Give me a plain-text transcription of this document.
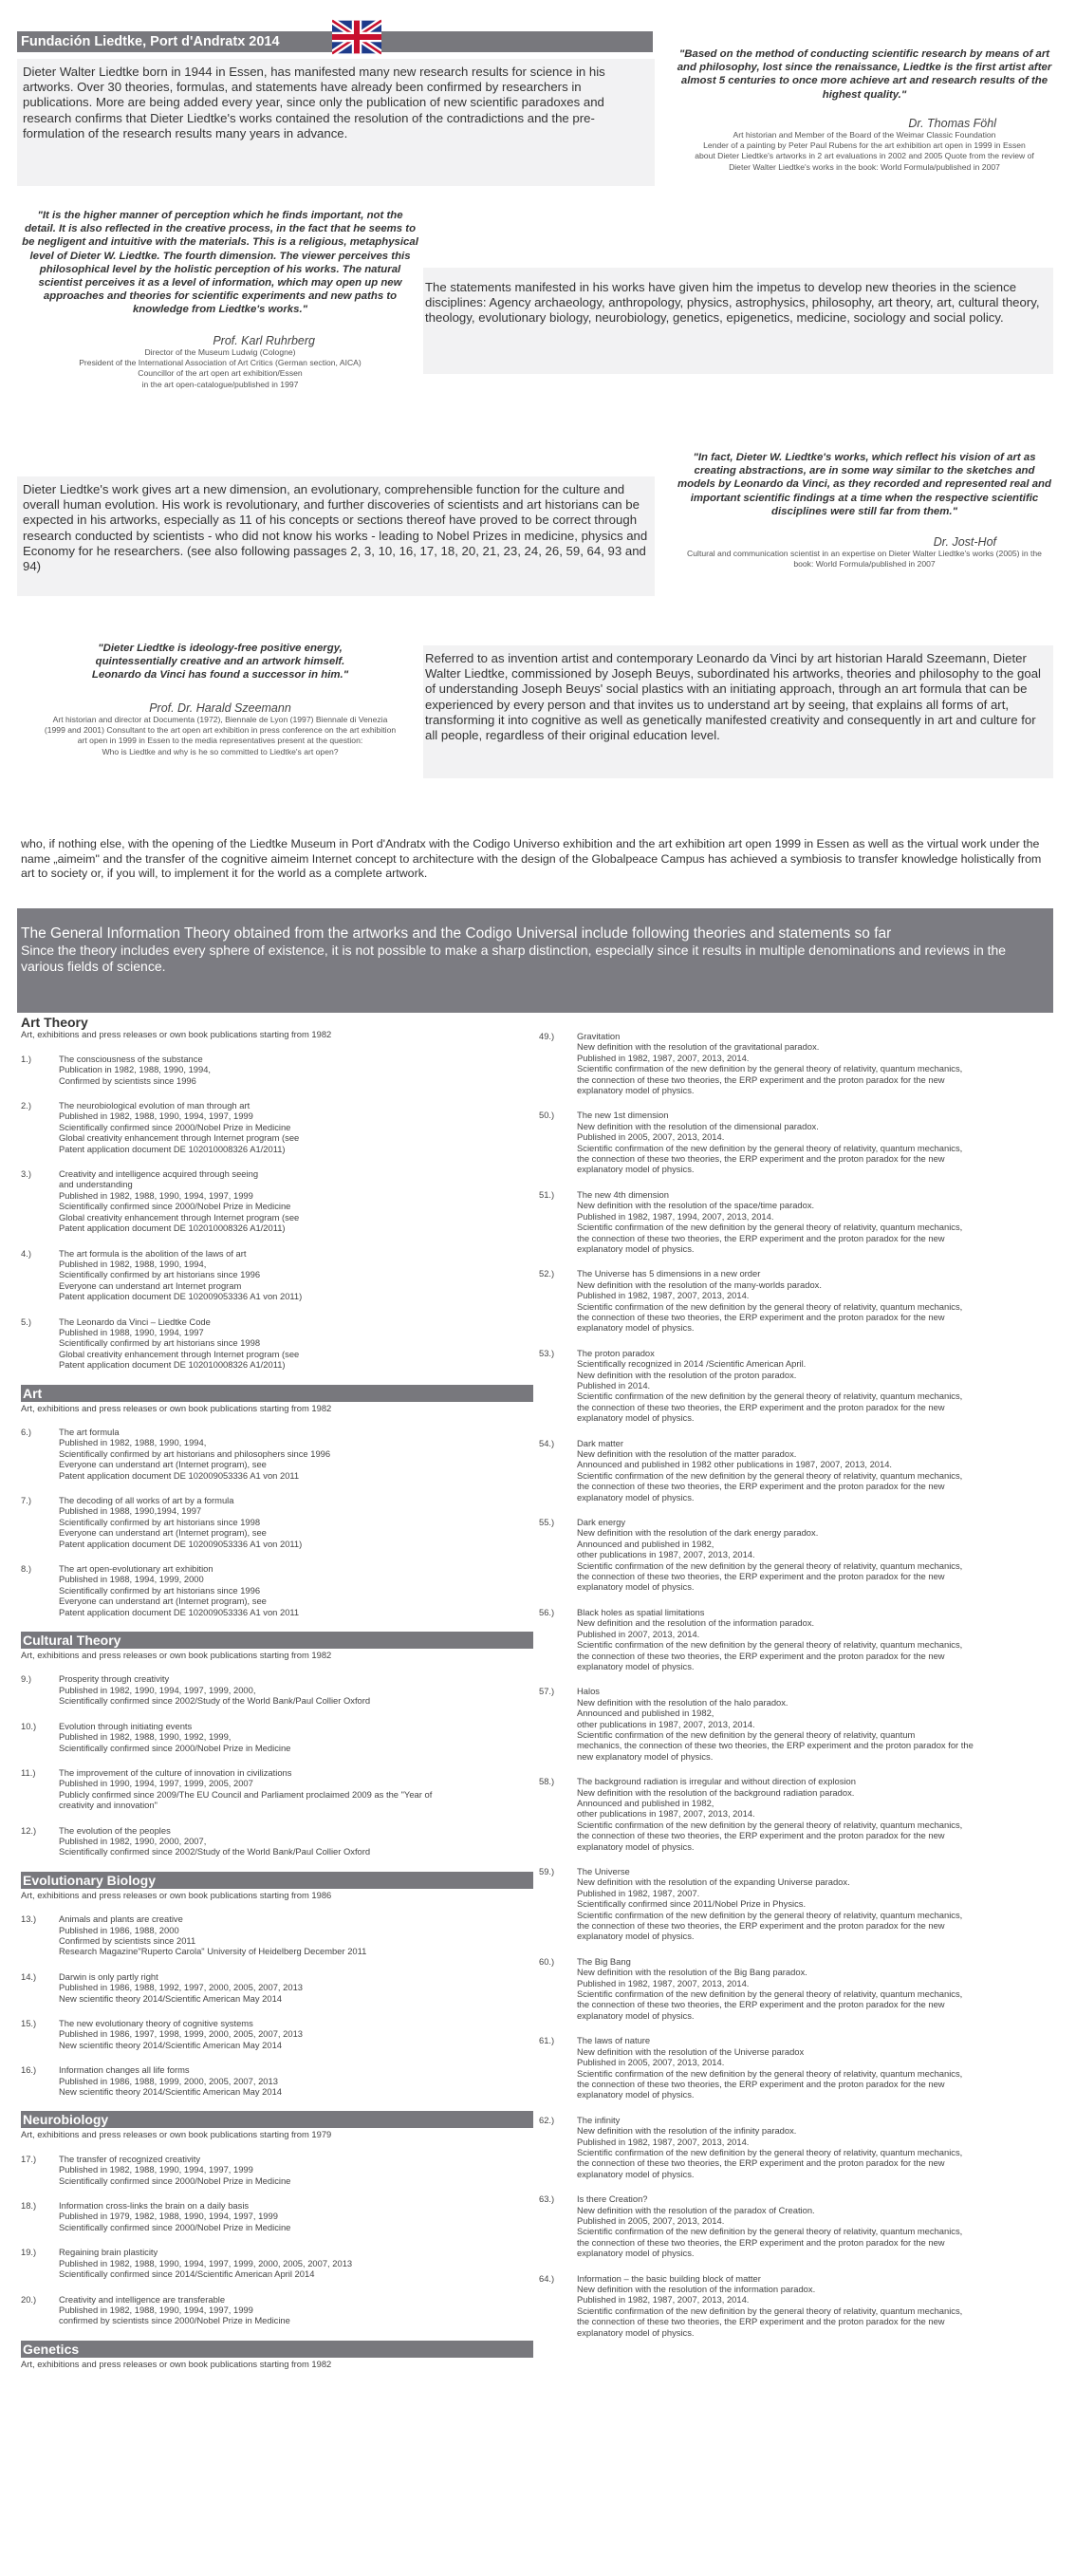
Fundación Liedtke, Port d'Andratx 2014

Dieter Walter Liedtke born in 1944 in Essen, has manifested many new research results for science in his artworks. Over 30 theories, formulas, and statements have already been confirmed by researchers in publications. More are being added every year, since only the publication of new scientific paradoxes and research confirms that Dieter Liedtke's works contained the resolution of the contradictions and the pre-formulation of the research results many years in advance.

"Based on the method of conducting scientific research by means of art and philosophy, lost since the renaissance, Liedtke is the first artist after almost 5 centuries to once more achieve art and research results of the highest quality."

Dr. Thomas Föhl

Art historian and Member of the Board of the Weimar Classic Foundation

Lender of a painting by Peter Paul Rubens for the art exhibition art open in 1999 in Essen

about Dieter Liedtke's artworks in 2 art evaluations in 2002 and 2005 Quote from the review of

Dieter Walter Liedtke's works in the book: World Formula/published in 2007

"It is the higher manner of perception which he finds important, not the detail. It is also reflected in the creative process, in the fact that he seems to be negligent and intuitive with the materials. This is a religious, metaphysical level of Dieter W. Liedtke. The fourth dimension. The viewer perceives this philosophical level by the holistic perception of his works. The natural scientist perceives it as a level of information, which may open up new approaches and theories for scientific experiments and new paths to knowledge from Liedtke's works."

Prof. Karl Ruhrberg

Director of the Museum Ludwig (Cologne)

President of the International Association of Art Critics (German section, AICA)

Councillor of the art open art exhibition/Essen

in the art open-catalogue/published in 1997

The statements manifested in his works have given him the impetus to develop new theories in the science disciplines: Agency archaeology, anthropology, physics, astrophysics, philosophy, art theory, art, cultural theory, theology, evolutionary biology, neurobiology, genetics, epigenetics, medicine, sociology and social policy.

Dieter Liedtke's work gives art a new dimension, an evolutionary, comprehensible function for the culture and overall human evolution. His work is revolutionary, and further discoveries of scientists and art historians can be expected in his artworks, especially as 11 of his concepts or sections thereof have proved to be correct through research conducted by scientists - who did not know his works - leading to Nobel Prizes in medicine, physics and Economy for he researchers. (see also following passages 2, 3, 10, 16, 17, 18, 20, 21, 23, 24, 26, 59, 64, 93 and 94)

"In fact, Dieter W. Liedtke's works, which reflect his vision of art as creating abstractions, are in some way similar to the sketches and models by Leonardo da Vinci, as they recorded and represented real and important scientific findings at a time when the respective scientific disciplines were still far from them."

Dr. Jost-Hof

Cultural and communication scientist in an expertise on Dieter Walter Liedtke's works (2005) in the

book: World Formula/published in 2007

"Dieter Liedtke is ideology-free positive energy, quintessentially creative and an artwork himself. Leonardo da Vinci has found a successor in him."

Prof. Dr. Harald Szeemann

Art historian and director at Documenta (1972), Biennale de Lyon (1997) Biennale di Venezia

(1999 and 2001) Consultant to the art open art exhibition in press conference on the art exhibition

art open in 1999 in Essen to the media representatives present at the question:

Who is Liedtke and why is he so committed to Liedtke's art open?

Referred to as invention artist and contemporary Leonardo da Vinci by art historian Harald Szeemann, Dieter Walter Liedtke, commissioned by Joseph Beuys, subordinated his artworks, theories and philosophy to the goal of understanding Joseph Beuys' social plastics with an initiating approach, through an art formula that can be experienced by every person and that invites us to understand art by seeing, that explains all forms of art, transforming it into cognitive as well as genetically manifested creativity and consequently in art and culture for all people, regardless of their original education level.

who, if nothing else, with the opening of the Liedtke Museum in Port d'Andratx with the Codigo Universo exhibition and the art exhibition art open 1999 in Essen as well as the virtual work under the name „aimeim" and the transfer of the cognitive aimeim Internet concept to architecture with the design of the Globalpeace Campus has achieved a symbiosis to transfer knowledge holistically from art to society or, if you will, to implement it for the world as a complete artwork.

The General Information Theory obtained from the artworks and the Codigo Universal include following theories and statements so far

Since the theory includes every sphere of existence, it is not possible to make a sharp distinction, especially since it results in multiple denominations and reviews in the various fields of science.

Art Theory
Art, exhibitions and press releases or own book publications starting from 1982
1.)	The consciousness of the substance
Publication in 1982, 1988, 1990, 1994,
Confirmed by scientists since 1996
2.)	The neurobiological evolution of man through art
Published in 1982, 1988, 1990, 1994, 1997, 1999
Scientifically confirmed since 2000/Nobel Prize in Medicine
Global creativity enhancement through Internet program (see
Patent application document DE 102010008326 A1/2011)
3.)	Creativity and intelligence acquired through seeing
and understanding
Published in 1982, 1988, 1990, 1994, 1997, 1999
Scientifically confirmed since 2000/Nobel Prize in Medicine
Global creativity enhancement through Internet program (see
Patent application document DE 102010008326 A1/2011)
4.)	The art formula is the abolition of the laws of art
Published in 1982, 1988, 1990, 1994,
Scientifically confirmed by art historians since 1996
Everyone can understand art Internet program
Patent application document DE 102009053336 A1 von 2011)
5.)	The Leonardo da Vinci – Liedtke Code
Published in 1988, 1990, 1994, 1997
Scientifically confirmed by art historians since 1998
Global creativity enhancement through Internet program (see
Patent application document DE 102010008326 A1/2011)
Art
Art, exhibitions and press releases or own book publications starting from 1982
6.)	The art formula
Published in 1982, 1988, 1990, 1994,
Scientifically confirmed by art historians and philosophers since 1996
Everyone can understand art (Internet program), see
Patent application document DE 102009053336 A1 von 2011
7.)	The decoding of all works of art by a formula
Published in 1988, 1990,1994, 1997
Scientifically confirmed by art historians since 1998
Everyone can understand art (Internet program), see
Patent application document DE 102009053336 A1 von 2011)
8.)	The art open-evolutionary art exhibition
Published in 1988, 1994, 1999, 2000
Scientifically confirmed by art historians since 1996
Everyone can understand art (Internet program), see
Patent application document DE 102009053336 A1 von 2011
Cultural Theory
Art, exhibitions and press releases or own book publications starting from 1982
9.)	Prosperity through creativity
Published in 1982, 1990, 1994, 1997, 1999, 2000,
Scientifically confirmed since 2002/Study of the World Bank/Paul Collier Oxford
10.)	Evolution through initiating events
Published in 1982, 1988, 1990, 1992, 1999,
Scientifically confirmed since 2000/Nobel Prize in Medicine
11.)	The improvement of the culture of innovation in civilizations
Published in 1990, 1994, 1997, 1999, 2005, 2007
Publicly confirmed since 2009/The EU Council and Parliament proclaimed 2009 as the "Year of
creativity and innovation"
12.)	The evolution of the peoples
Published in 1982, 1990, 2000, 2007,
Scientifically confirmed since 2002/Study of the World Bank/Paul Collier Oxford
Evolutionary Biology
Art, exhibitions and press releases or own book publications starting from 1986
13.)	Animals and plants are creative
Published in 1986, 1988, 2000
Confirmed by scientists since 2011
Research Magazine"Ruperto Carola" University of Heidelberg December 2011
14.)	Darwin is only partly right
Published in 1986, 1988, 1992, 1997, 2000, 2005, 2007, 2013
New scientific theory 2014/Scientific American May 2014
15.)	The new evolutionary theory of cognitive systems
Published in 1986, 1997, 1998, 1999, 2000, 2005, 2007, 2013
New scientific theory 2014/Scientific American May 2014
16.)	Information changes all life forms
Published in 1986, 1988, 1999, 2000, 2005, 2007, 2013
New scientific theory 2014/Scientific American May 2014
Neurobiology
Art, exhibitions and press releases or own book publications starting from 1979
17.)	The transfer of recognized creativity
Published in 1982, 1988, 1990, 1994, 1997, 1999
Scientifically confirmed since 2000/Nobel Prize in Medicine
18.)	Information cross-links the brain on a daily basis
Published in 1979, 1982, 1988, 1990, 1994, 1997, 1999
Scientifically confirmed since 2000/Nobel Prize in Medicine
19.)	Regaining brain plasticity
Published in 1982, 1988, 1990, 1994, 1997, 1999, 2000, 2005, 2007, 2013
Scientifically confirmed since 2014/Scientific American April 2014
20.)	Creativity and intelligence are transferable
Published in 1982, 1988, 1990, 1994, 1997, 1999
confirmed by scientists since 2000/Nobel Prize in Medicine
Genetics
Art, exhibitions and press releases or own book publications starting from 1982
49.)	Gravitation
New definition with the resolution of the gravitational paradox.
Published in 1982, 1987, 2007, 2013, 2014.
Scientific confirmation of the new definition by the general theory of relativity, quantum mechanics,
the connection of these two theories, the ERP experiment and the proton paradox for the new
explanatory model of physics.
50.)	The new 1st dimension
New definition with the resolution of the dimensional paradox.
Published in 2005, 2007, 2013, 2014.
Scientific confirmation of the new definition by the general theory of relativity, quantum mechanics,
the connection of these two theories, the ERP experiment and the proton paradox for the new
explanatory model of physics.
51.)	The new 4th dimension
New definition with the resolution of the space/time paradox.
Published in 1982, 1987, 1994, 2007, 2013, 2014.
Scientific confirmation of the new definition by the general theory of relativity, quantum mechanics,
the connection of these two theories, the ERP experiment and the proton paradox for the new
explanatory model of physics.
52.)	The Universe has 5 dimensions in a new order
New definition with the resolution of the many-worlds paradox.
Published in 1982, 1987, 2007, 2013, 2014.
Scientific confirmation of the new definition by the general theory of relativity, quantum mechanics,
the connection of these two theories, the ERP experiment and the proton paradox for the new
explanatory model of physics.
53.)	The proton paradox
Scientifically recognized in 2014 /Scientific American April.
New definition with the resolution of the proton paradox.
Published in 2014.
Scientific confirmation of the new definition by the general theory of relativity, quantum mechanics,
the connection of these two theories, the ERP experiment and the proton paradox for the new
explanatory model of physics.
54.)	Dark matter
New definition with the resolution of the matter paradox.
Announced and published in 1982 other publications in 1987, 2007, 2013, 2014.
Scientific confirmation of the new definition by the general theory of relativity, quantum mechanics,
the connection of these two theories, the ERP experiment and the proton paradox for the new
explanatory model of physics.
55.)	Dark energy
New definition with the resolution of the dark energy paradox.
Announced and published in 1982,
other publications in 1987, 2007, 2013, 2014.
Scientific confirmation of the new definition by the general theory of relativity, quantum mechanics,
the connection of these two theories, the ERP experiment and the proton paradox for the new
explanatory model of physics.
56.)	Black holes as spatial limitations
New definition and the resolution of the information paradox.
Published in 2007, 2013, 2014.
Scientific confirmation of the new definition by the general theory of relativity, quantum mechanics,
the connection of these two theories, the ERP experiment and the proton paradox for the new
explanatory model of physics.
57.)	Halos
New definition with the resolution of the halo paradox.
Announced and published in 1982,
other publications in 1987, 2007, 2013, 2014.
Scientific confirmation of the new definition by the general theory of relativity, quantum
mechanics, the connection of these two theories, the ERP experiment and the proton paradox for the
new explanatory model of physics.
58.)	The background radiation is irregular and without direction of explosion
New definition with the resolution of the background radiation paradox.
Announced and published in 1982,
other publications in 1987, 2007, 2013, 2014.
Scientific confirmation of the new definition by the general theory of relativity, quantum mechanics,
the connection of these two theories, the ERP experiment and the proton paradox for the new
explanatory model of physics.
59.)	The Universe
New definition with the resolution of the expanding Universe paradox.
Published in 1982, 1987, 2007.
Scientifically confirmed since 2011/Nobel Prize in Physics.
Scientific confirmation of the new definition by the general theory of relativity, quantum mechanics,
the connection of these two theories, the ERP experiment and the proton paradox for the new
explanatory model of physics.
60.)	The Big Bang
New definition with the resolution of the Big Bang paradox.
Published in 1982, 1987, 2007, 2013, 2014.
Scientific confirmation of the new definition by the general theory of relativity, quantum mechanics,
the connection of these two theories, the ERP experiment and the proton paradox for the new
explanatory model of physics.
61.)	The laws of nature
New definition with the resolution of the Universe paradox
Published in 2005, 2007, 2013, 2014.
Scientific confirmation of the new definition by the general theory of relativity, quantum mechanics,
the connection of these two theories, the ERP experiment and the proton paradox for the new
explanatory model of physics.
62.)	The infinity
New definition with the resolution of the infinity paradox.
Published in 1982, 1987, 2007, 2013, 2014.
Scientific confirmation of the new definition by the general theory of relativity, quantum mechanics,
the connection of these two theories, the ERP experiment and the proton paradox for the new
explanatory model of physics.
63.)	Is there Creation?
New definition with the resolution of the paradox of Creation.
Published in 2005, 2007, 2013, 2014.
Scientific confirmation of the new definition by the general theory of relativity, quantum mechanics,
the connection of these two theories, the ERP experiment and the proton paradox for the new
explanatory model of physics.
64.)	Information – the basic building block of matter
New definition with the resolution of the information paradox.
Published in 1982, 1987, 2007, 2013, 2014.
Scientific confirmation of the new definition by the general theory of relativity, quantum mechanics,
the connection of these two theories, the ERP experiment and the proton paradox for the new
explanatory model of physics.
